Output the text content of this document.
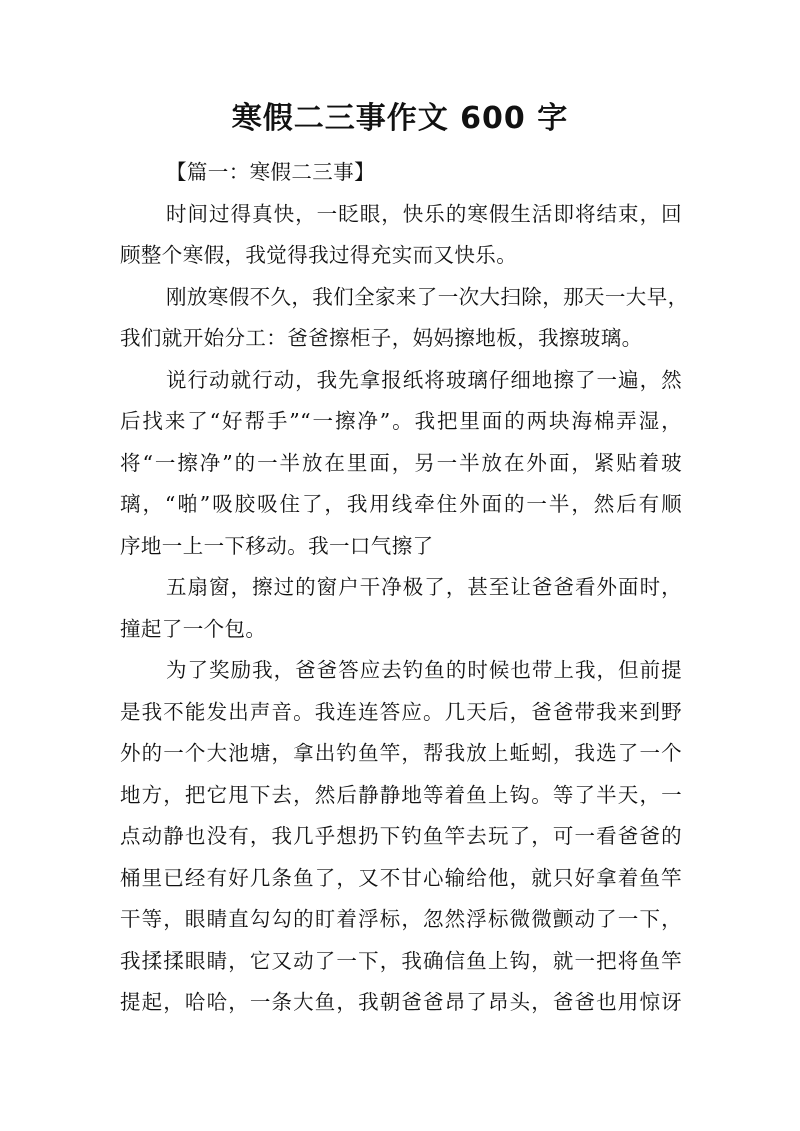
寒假二三事作文 600 字
【篇一：寒假二三事】
时间过得真快，一眨眼，快乐的寒假生活即将结束，回
顾整个寒假，我觉得我过得充实而又快乐。
刚放寒假不久，我们全家来了一次大扫除，那天一大早，
我们就开始分工：爸爸擦柜子，妈妈擦地板，我擦玻璃。
说行动就行动，我先拿报纸将玻璃仔细地擦了一遍，然
后找来了“好帮手”“一擦净”。我把里面的两块海棉弄湿，
将“一擦净”的一半放在里面，另一半放在外面，紧贴着玻
璃，“啪”吸胶吸住了，我用线牵住外面的一半，然后有顺
序地一上一下移动。我一口气擦了
五扇窗，擦过的窗户干净极了，甚至让爸爸看外面时，
撞起了一个包。
为了奖励我，爸爸答应去钓鱼的时候也带上我，但前提
是我不能发出声音。我连连答应。几天后，爸爸带我来到野
外的一个大池塘，拿出钓鱼竿，帮我放上蚯蚓，我选了一个
地方，把它甩下去，然后静静地等着鱼上钩。等了半天，一
点动静也没有，我几乎想扔下钓鱼竿去玩了，可一看爸爸的
桶里已经有好几条鱼了，又不甘心输给他，就只好拿着鱼竿
干等，眼睛直勾勾的盯着浮标，忽然浮标微微颤动了一下，
我揉揉眼睛，它又动了一下，我确信鱼上钩，就一把将鱼竿
提起，哈哈，一条大鱼，我朝爸爸昂了昂头，爸爸也用惊讶
